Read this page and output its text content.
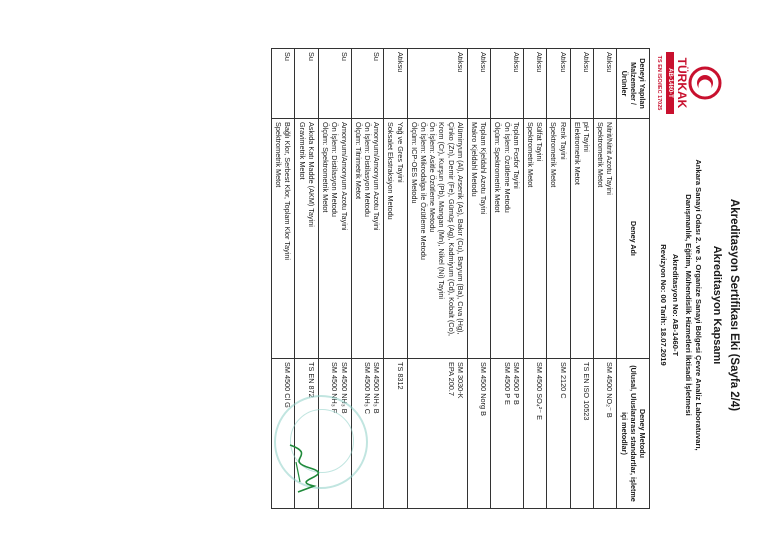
TÜRKAK
AB-1460-T
TS EN ISO/IEC 17025
Akreditasyon Sertifikası Eki (Sayfa 2/4)
Akreditasyon Kapsamı
Ankara Sanayi Odası 2. ve 3. Organize Sanayi Bölgesi Çevre Analiz Laboratuvarı,
Danışmanlık, Eğitim, Mühendislik Hizmetleri İktisadi İşletmesi
Akreditasyon No: AB-1460-T
Revizyon No: 00 Tarih: 18.07.2019
Deneyi Yapılan Malzemeler / Ürünler	Deney Adı	Deney Metodu
(Ulusal, Uluslararası standartlar, işletme içi metodlar)

Atıksu	Nitrit/Nitrit Azotu Tayini
Spektrometrik Metot	SM 4500 NO₂⁻ B

Atıksu	pH Tayini
Elektrometrik Metot	TS EN ISO 10523

Atıksu	Renk Tayini
Spektrometrik Metot	SM 2120 C

Atıksu	Sülfat Tayini
Spektrometrik Metot	SM 4500 SO₄²⁻ E

Atıksu	Toplam Fosfor Tayini
Ön İşlem: Özütleme Metodu
Ölçüm: Spektrometrik Metot	SM 4500 P B
SM 4500 P E

Atıksu	Toplam Kjeldahl Azotu Tayini
Makro Kjeldahl Metodu	SM 4500 Norg B

Atıksu	Alüminyum (Al), Arsenik (As), Bakır (Cu), Baryum (Ba), Cıva (Hg), Çinko (Zn), Demir (Fe), Gümüş (Ag), Kadmiyum (Cd), Kobalt (Co), Krom (Cr), Kurşun (Pb), Mangan (Mn), Nikel (Ni) Tayini
Ön İşlem: Asitle Özütleme Metodu
Ön İşlem: Mikrodalga ile Özütleme Metodu
Ölçüm: ICP-OES Metodu	SM 3030-K
EPA 200.7

Atıksu	Yağ ve Gres Tayini
Soksalet Ekstraksiyon Metodu	TS 8312

Su	Amonyum/Amonyum Azotu Tayini
Ön İşlem: Distilasyon Metodu
Ölçüm: Titrimetrik Metot	SM 4500 NH₃ B
SM 4500 NH₃ C

Su	Amonyum/Amonyum Azotu Tayini
Ön İşlem: Distilasyon Metodu
Ölçüm: Spektrometrik Metot	SM 4500 NH₃ B
SM 4500 NH₃ F

Su	Askıda Katı Madde (AKM) Tayini
Gravimetrik Metot	TS EN 872

Su	Bağlı Klor, Serbest Klor, Toplam Klor Tayini
Spektrometrik Metot	SM 4500 Cl G
